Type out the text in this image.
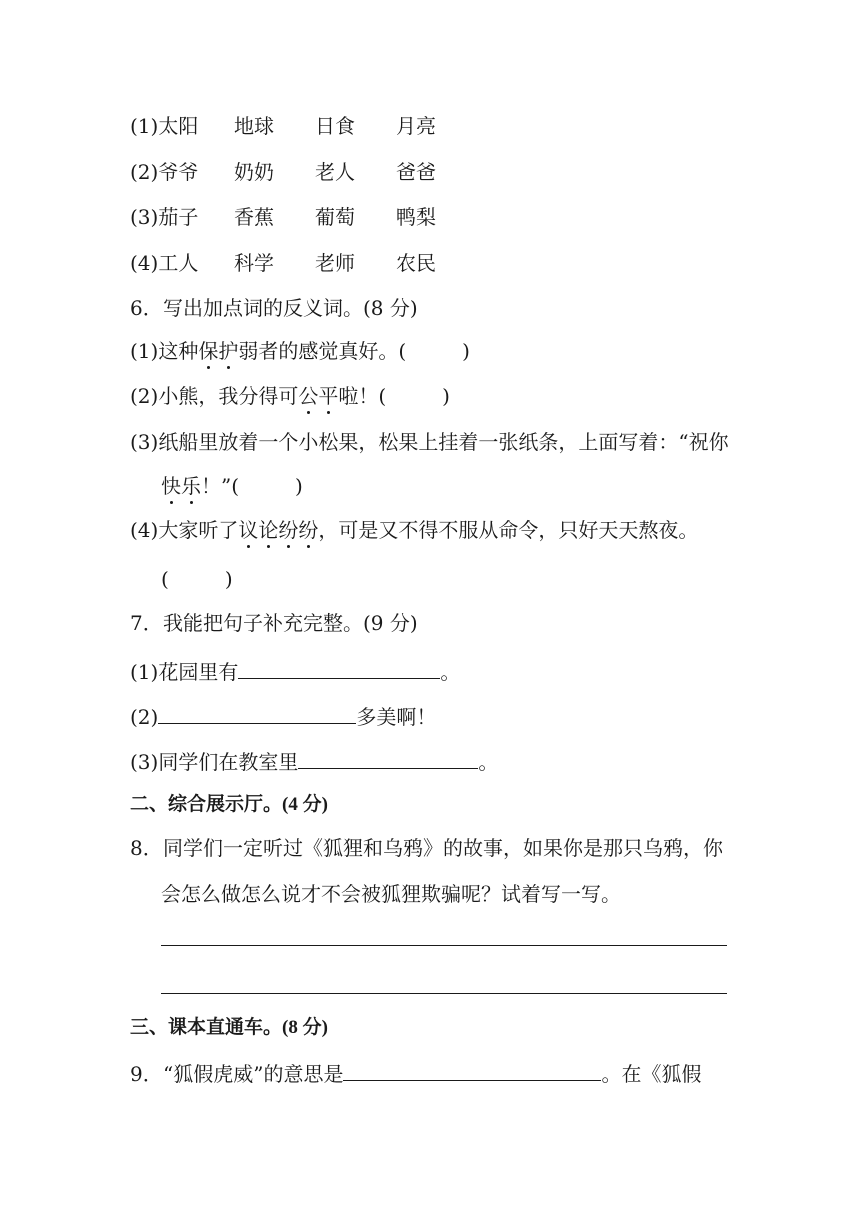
(1)太阳 地球 日食 月亮
(2)爷爷 奶奶 老人 爸爸
(3)茄子 香蕉 葡萄 鸭梨
(4)工人 科学 老师 农民
6．写出加点词的反义词。(8 分)
(1)这种保护弱者的感觉真好。(	)
(2)小熊，我分得可公平啦！(	)
(3)纸船里放着一个小松果，松果上挂着一张纸条，上面写着：“祝你
快乐！”(	)
(4)大家听了议论纷纷，可是又不得不服从命令，只好天天熬夜。
(	)
7．我能把句子补充完整。(9 分)
(1)花园里有	。
(2)	多美啊！
(3)同学们在教室里	。
二、综合展示厅。(4 分)
8．同学们一定听过《狐狸和乌鸦》的故事，如果你是那只乌鸦，你
会怎么做怎么说才不会被狐狸欺骗呢？试着写一写。
三、课本直通车。(8 分)
9．“狐假虎威”的意思是	。在《狐假
